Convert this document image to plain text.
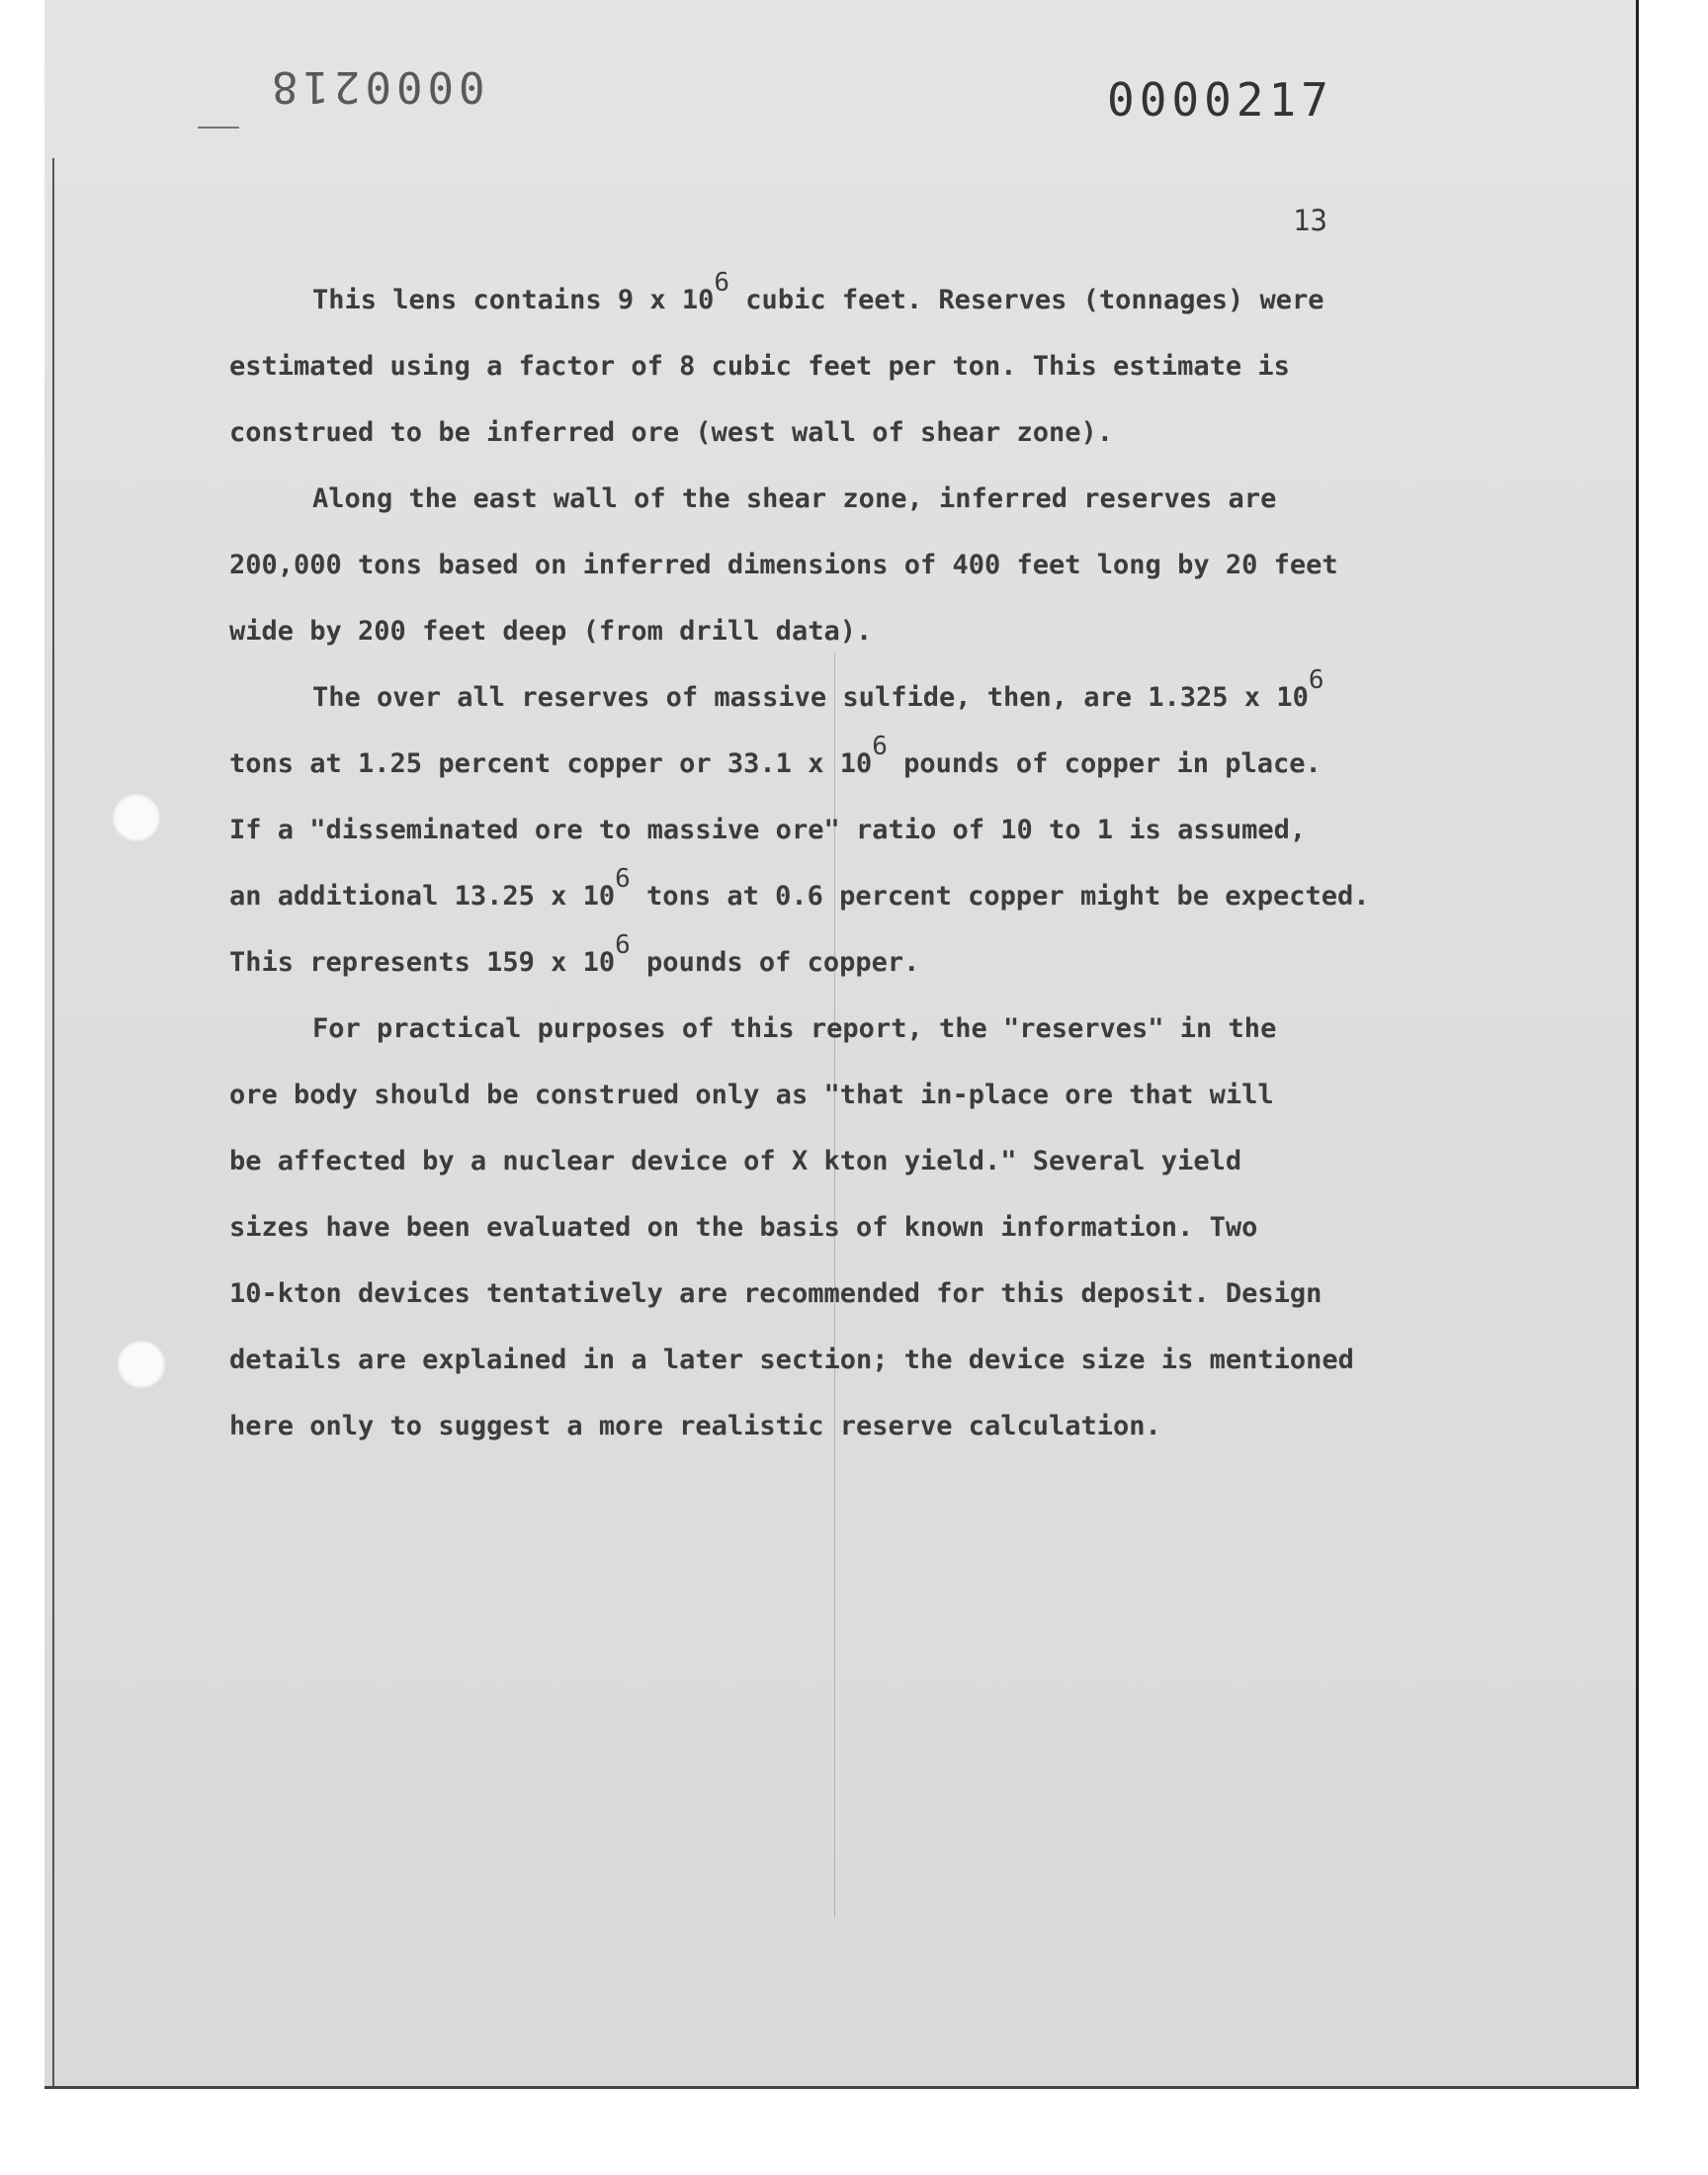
0000218	0000217
13

This lens contains 9 x 106 cubic feet. Reserves (tonnages) were
estimated using a factor of 8 cubic feet per ton. This estimate is
construed to be inferred ore (west wall of shear zone).

Along the east wall of the shear zone, inferred reserves are
200,000 tons based on inferred dimensions of 400 feet long by 20 feet
wide by 200 feet deep (from drill data).

The over all reserves of massive sulfide, then, are 1.325 x 106
tons at 1.25 percent copper or 33.1 x 106 pounds of copper in place.
If a "disseminated ore to massive ore" ratio of 10 to 1 is assumed,
an additional 13.25 x 106 tons at 0.6 percent copper might be expected.
This represents 159 x 106 pounds of copper.

For practical purposes of this report, the "reserves" in the
ore body should be construed only as "that in-place ore that will
be affected by a nuclear device of X kton yield." Several yield
sizes have been evaluated on the basis of known information. Two
10-kton devices tentatively are recommended for this deposit. Design
details are explained in a later section; the device size is mentioned
here only to suggest a more realistic reserve calculation.
